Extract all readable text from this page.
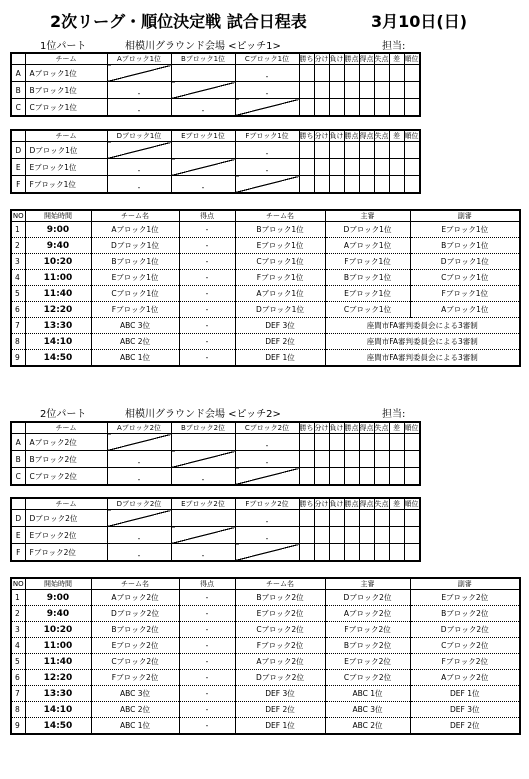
2次リーグ・順位決定戦 試合日程表	3月10日(日)
1位パート	相模川グラウンド会場 <ピッチ1>	担当:
	チーム	Aブロック1位	Bブロック1位	Cブロック1位	勝ち	分け	負け	勝点	得点	失点	差	順位
A	Aブロック1位			-								
B	Bブロック1位	-		-								
C	Cブロック1位	-	-									
	チーム	Dブロック1位	Eブロック1位	Fブロック1位	勝ち	分け	負け	勝点	得点	失点	差	順位
D	Dブロック1位			-								
E	Eブロック1位	-		-								
F	Fブロック1位	-	-									
NO	開始時間	チーム名	得点	チーム名	主審	副審
1	9:00	Aブロック1位	-	Bブロック1位	Dブロック1位	Eブロック1位
2	9:40	Dブロック1位	-	Eブロック1位	Aブロック1位	Bブロック1位
3	10:20	Bブロック1位	-	Cブロック1位	Fブロック1位	Dブロック1位
4	11:00	Eブロック1位	-	Fブロック1位	Bブロック1位	Cブロック1位
5	11:40	Cブロック1位	-	Aブロック1位	Eブロック1位	Fブロック1位
6	12:20	Fブロック1位	-	Dブロック1位	Cブロック1位	Aブロック1位
7	13:30	ABC 3位	-	DEF 3位	座間市FA審判委員会による3審制	
8	14:10	ABC 2位	-	DEF 2位	座間市FA審判委員会による3審制	
9	14:50	ABC 1位	-	DEF 1位	座間市FA審判委員会による3審制	
2位パート	相模川グラウンド会場 <ピッチ2>	担当:
	チーム	Aブロック2位	Bブロック2位	Cブロック2位	勝ち	分け	負け	勝点	得点	失点	差	順位
A	Aブロック2位			-								
B	Bブロック2位	-		-								
C	Cブロック2位	-	-									
	チーム	Dブロック2位	Eブロック2位	Fブロック2位	勝ち	分け	負け	勝点	得点	失点	差	順位
D	Dブロック2位			-								
E	Eブロック2位	-		-								
F	Fブロック2位	-	-									
NO	開始時間	チーム名	得点	チーム名	主審	副審
1	9:00	Aブロック2位	-	Bブロック2位	Dブロック2位	Eブロック2位
2	9:40	Dブロック2位	-	Eブロック2位	Aブロック2位	Bブロック2位
3	10:20	Bブロック2位	-	Cブロック2位	Fブロック2位	Dブロック2位
4	11:00	Eブロック2位	-	Fブロック2位	Bブロック2位	Cブロック2位
5	11:40	Cブロック2位	-	Aブロック2位	Eブロック2位	Fブロック2位
6	12:20	Fブロック2位	-	Dブロック2位	Cブロック2位	Aブロック2位
7	13:30	ABC 3位	-	DEF 3位	ABC 1位	DEF 1位
8	14:10	ABC 2位	-	DEF 2位	ABC 3位	DEF 3位
9	14:50	ABC 1位	-	DEF 1位	ABC 2位	DEF 2位
